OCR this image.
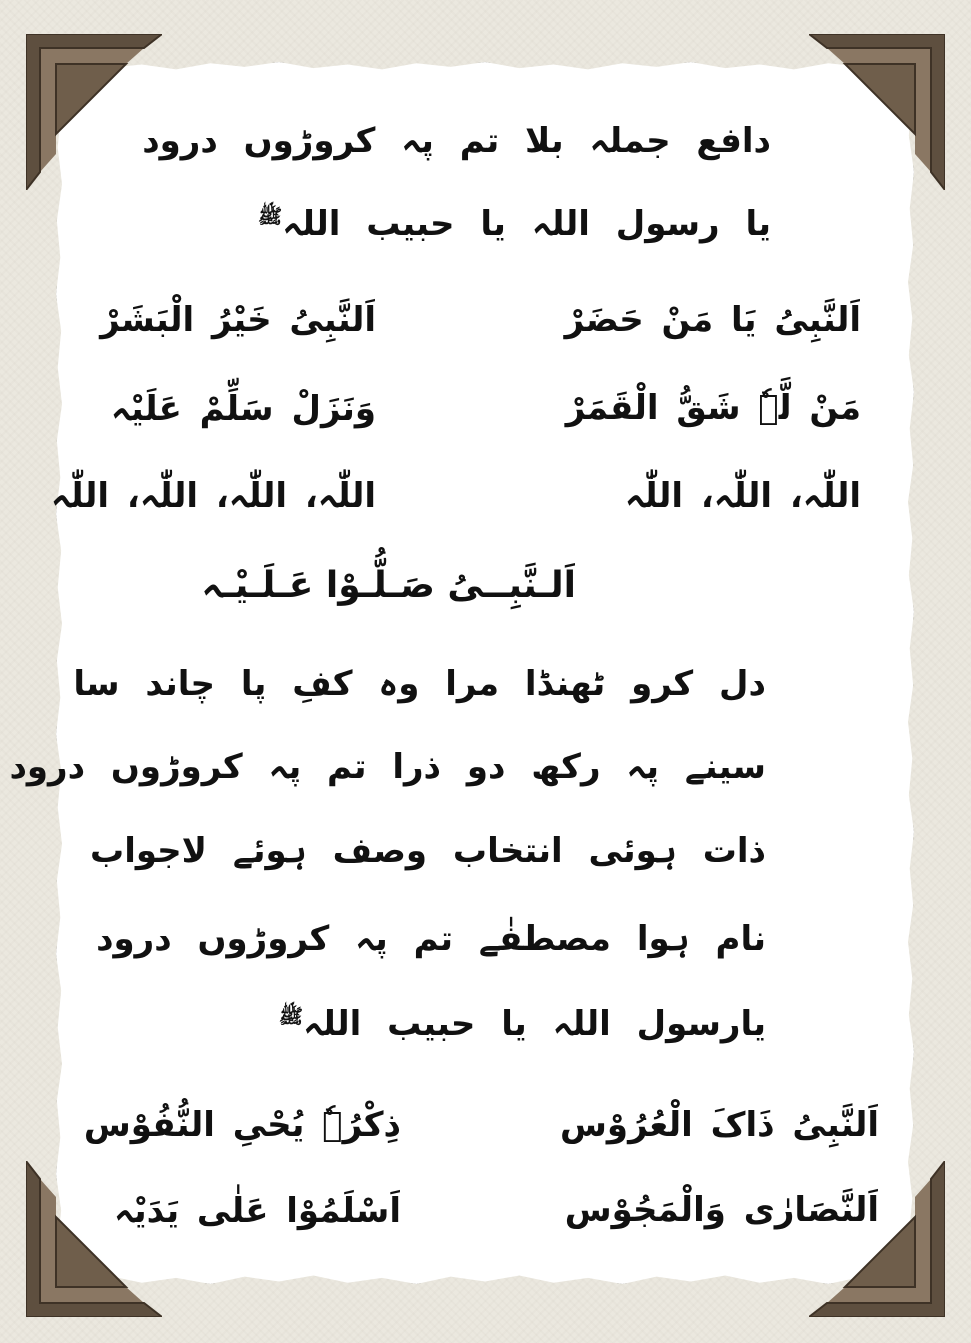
دافع جملہ بلا تم پہ کروڑوں درود
یا رسول اللہ یا حبیب اللہﷺ
اَلنَّبِیُ یَا مَنْ حَضَرْ
اَلنَّبِیُ خَیْرُ الْبَشَرْ
مَنْ لَّہٗ شَقُّ الْقَمَرْ
وَنَزَلْ سَلِّمْ عَلَیْہ
اللّٰہ، اللّٰہ، اللّٰہ
اللّٰہ، اللّٰہ، اللّٰہ، اللّٰہ
اَلـنَّبِــیُ صَـلُّـوْا عَـلَـیْـہ
دل کرو ٹھنڈا مرا وہ کفِ پا چاند سا
سینے پہ رکھ دو ذرا تم پہ کروڑوں درود
ذات ہوئی انتخاب وصف ہوئے لاجواب
نام ہوا مصطفٰے تم پہ کروڑوں درود
یارسول اللہ یا حبیب اللہﷺ
اَلنَّبِیُ ذَاکَ الْعُرُوْس
ذِکْرُہٗ یُحْیِ النُّفُوْس
اَلنَّصَارٰی وَالْمَجُوْس
اَسْلَمُوْا عَلٰی یَدَیْہ
